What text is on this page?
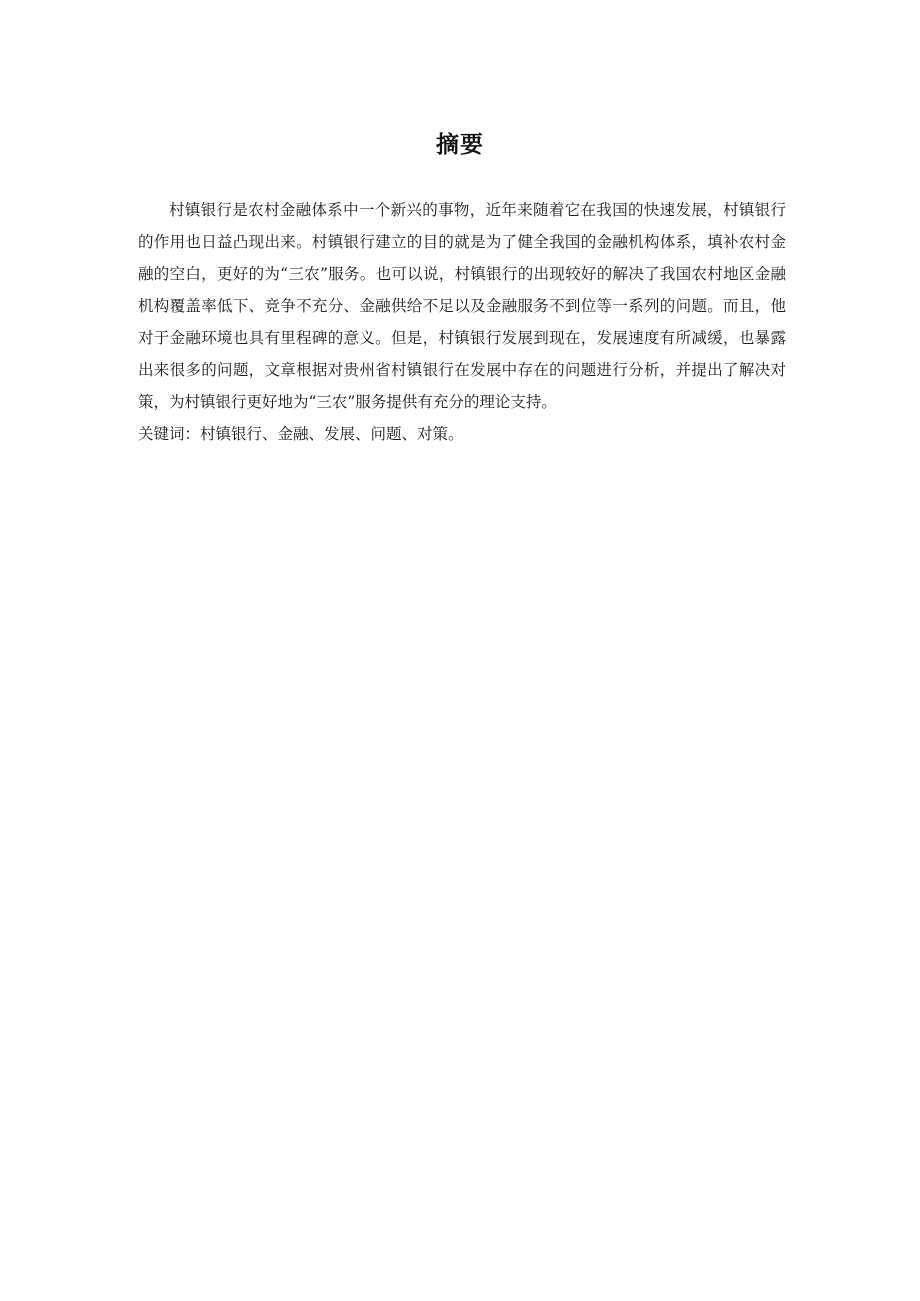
摘要

村镇银行是农村金融体系中一个新兴的事物，近年来随着它在我国的快速发展，村镇银行的作用也日益凸现出来。村镇银行建立的目的就是为了健全我国的金融机构体系，填补农村金融的空白，更好的为“三农”服务。也可以说，村镇银行的出现较好的解决了我国农村地区金融机构覆盖率低下、竞争不充分、金融供给不足以及金融服务不到位等一系列的问题。而且，他对于金融环境也具有里程碑的意义。但是，村镇银行发展到现在，发展速度有所减缓，也暴露出来很多的问题，文章根据对贵州省村镇银行在发展中存在的问题进行分析，并提出了解决对策，为村镇银行更好地为“三农”服务提供有充分的理论支持。

关键词：村镇银行、金融、发展、问题、对策。
